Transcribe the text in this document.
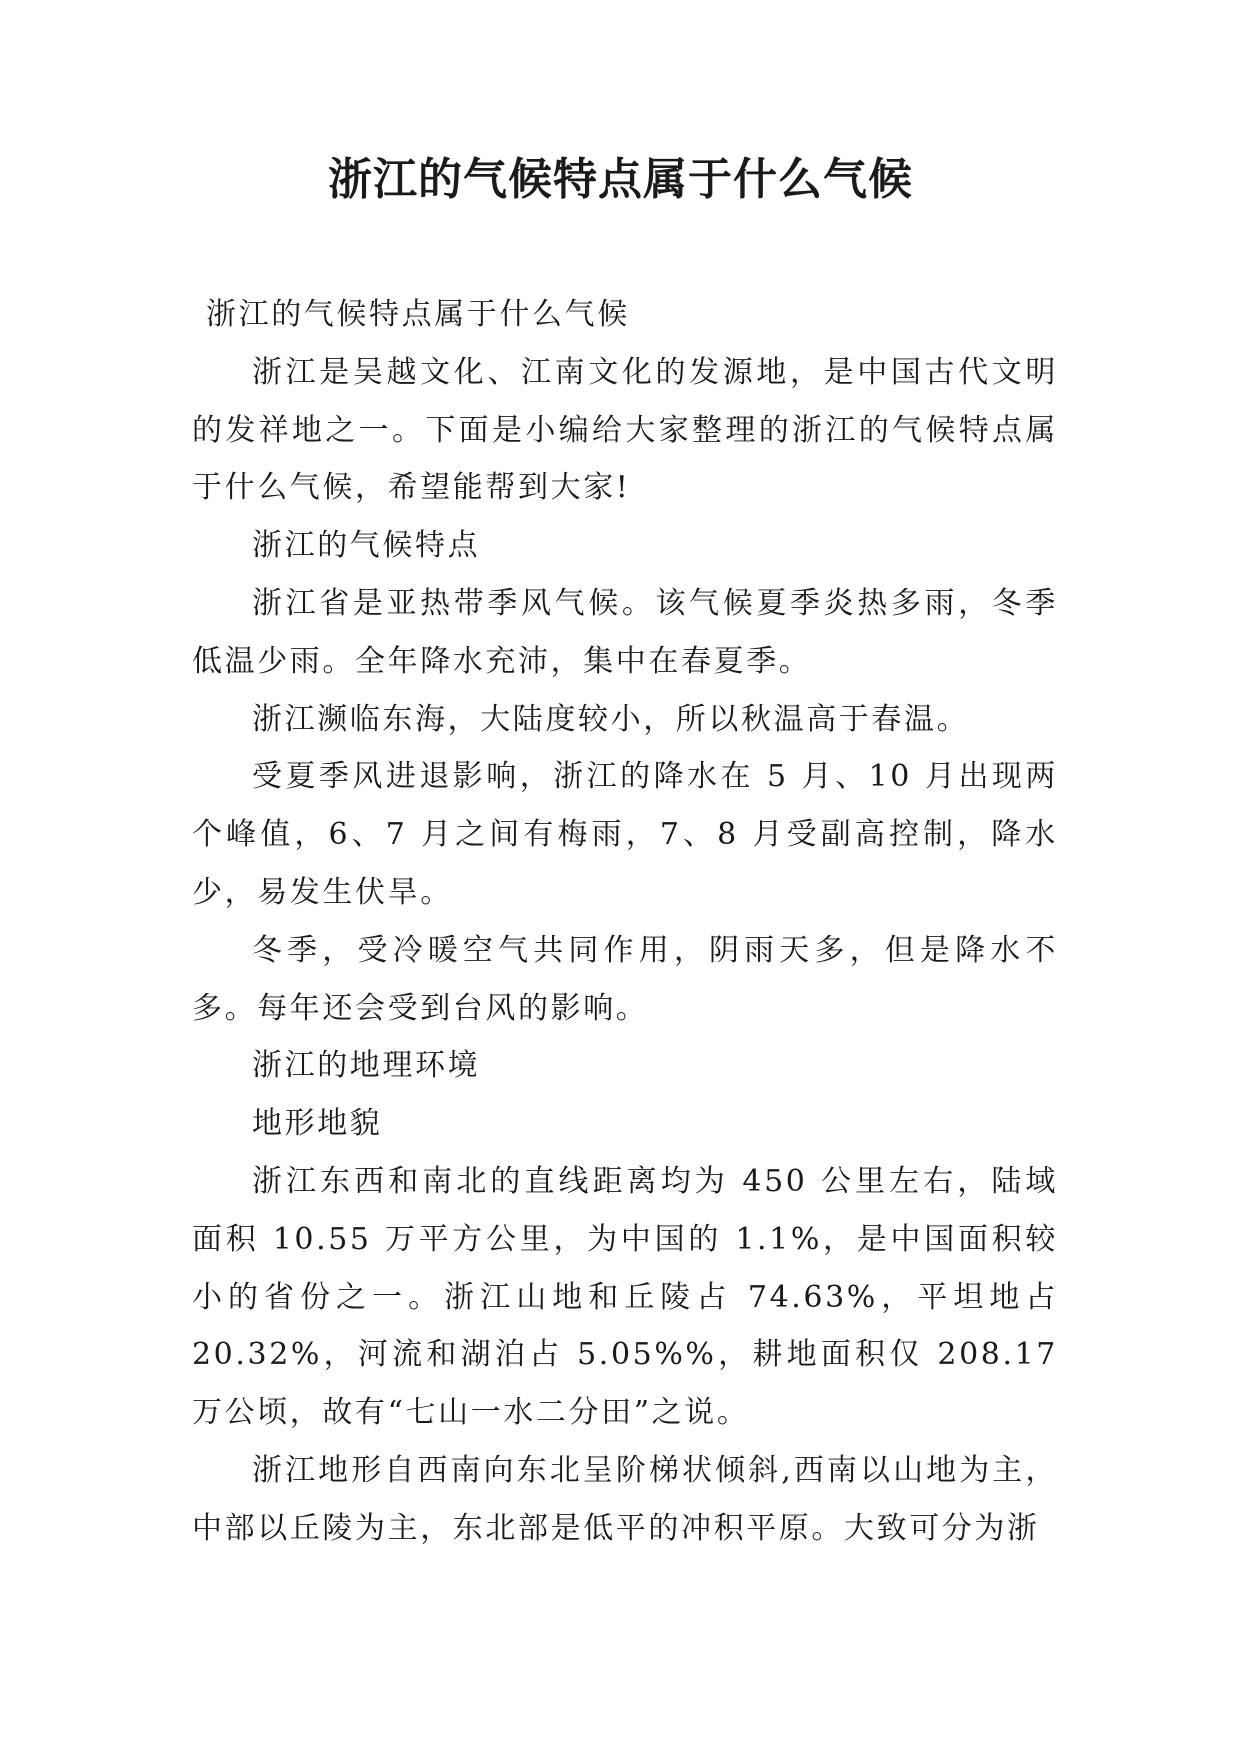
浙江的气候特点属于什么气候

浙江的气候特点属于什么气候

浙江是吴越文化、江南文化的发源地，是中国古代文明的发祥地之一。下面是小编给大家整理的浙江的气候特点属于什么气候，希望能帮到大家!

浙江的气候特点

浙江省是亚热带季风气候。该气候夏季炎热多雨，冬季低温少雨。全年降水充沛，集中在春夏季。

浙江濒临东海，大陆度较小，所以秋温高于春温。

受夏季风进退影响，浙江的降水在 5 月、10 月出现两个峰值，6、7 月之间有梅雨，7、8 月受副高控制，降水少，易发生伏旱。

冬季，受冷暖空气共同作用，阴雨天多，但是降水不多。每年还会受到台风的影响。

浙江的地理环境

地形地貌

浙江东西和南北的直线距离均为 450 公里左右，陆域面积 10.55 万平方公里，为中国的 1.1%，是中国面积较小的省份之一。浙江山地和丘陵占 74.63%，平坦地占 20.32%，河流和湖泊占 5.05%%，耕地面积仅 208.17 万公顷，故有“七山一水二分田”之说。

浙江地形自西南向东北呈阶梯状倾斜,西南以山地为主，中部以丘陵为主，东北部是低平的冲积平原。大致可分为浙
